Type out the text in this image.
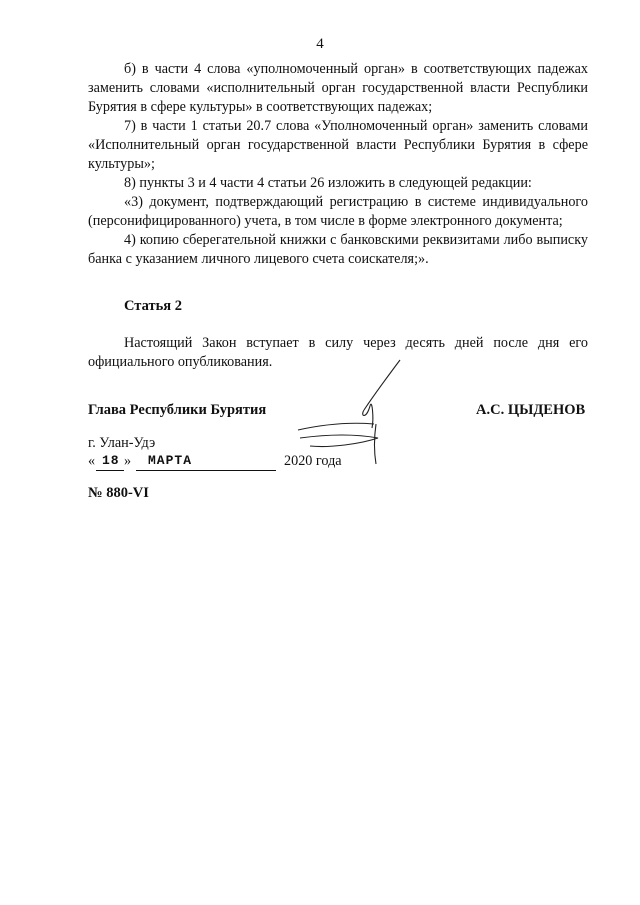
4

б) в части 4 слова «уполномоченный орган» в соответствующих падежах заменить словами «исполнительный орган государственной власти Республики Бурятия в сфере культуры» в соответствующих падежах;

7) в части 1 статьи 20.7 слова «Уполномоченный орган» заменить словами «Исполнительный орган государственной власти Республики Бурятия в сфере культуры»;

8) пункты 3 и 4 части 4 статьи 26 изложить в следующей редакции:

«3) документ, подтверждающий регистрацию в системе индивидуального (персонифицированного) учета, в том числе в форме электронного документа;

4) копию сберегательной книжки с банковскими реквизитами либо выписку банка с указанием личного лицевого счета соискателя;».

Статья 2

Настоящий Закон вступает в силу через десять дней после дня его официального опубликования.

Глава Республики Бурятия	А.С. ЦЫДЕНОВ
г. Улан-Удэ
« 18 » МАРТА	2020 года
№ 880-VI
